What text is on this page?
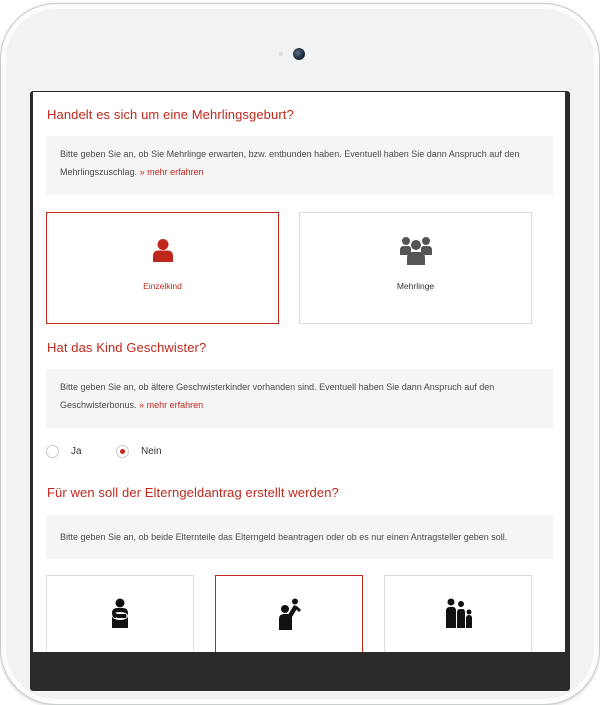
Handelt es sich um eine Mehrlingsgeburt?
Bitte geben Sie an, ob Sie Mehrlinge erwarten, bzw. entbunden haben. Eventuell haben Sie dann Anspruch auf den Mehrlingszuschlag. » mehr erfahren
Einzelkind	Mehrlinge
Hat das Kind Geschwister?
Bitte geben Sie an, ob ältere Geschwisterkinder vorhanden sind. Eventuell haben Sie dann Anspruch auf den Geschwisterbonus. » mehr erfahren
Ja	Nein
Für wen soll der Elterngeldantrag erstellt werden?
Bitte geben Sie an, ob beide Elternteile das Elterngeld beantragen oder ob es nur einen Antragsteller geben soll.
